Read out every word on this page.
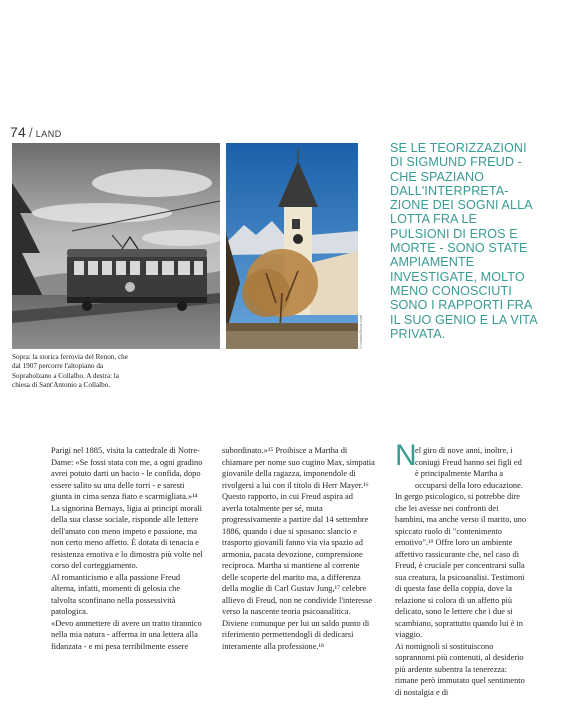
74 / LAND
©AdobeStock.com
Sopra: la storica ferrovia del Renon, che dal 1907 percorre l'altopiano da Soprabolzano a Collalbo. A destra: la chiesa di Sant'Antonio a Collalbo.
SE LE TEORIZZAZIONI DI SIGMUND FREUD - CHE SPAZIANO DALL'INTERPRETA-ZIONE DEI SOGNI ALLA LOTTA FRA LE PULSIONI DI EROS E MORTE - SONO STATE AMPIAMENTE INVESTIGATE, MOLTO MENO CONOSCIUTI SONO I RAPPORTI FRA IL SUO GENIO E LA VITA PRIVATA.

Parigi nel 1885, visita la cattedrale di Notre-Dame: «Se fossi stata con me, a ogni gradino avrei potuto darti un bacio - le confida, dopo essere salito su una delle torri - e saresti giunta in cima senza fiato e scarmigliata.»¹⁴

La signorina Bernays, ligia ai principi morali della sua classe sociale, risponde alle lettere dell'amato con meno impeto e passione, ma non certo meno affetto. È dotata di tenacia e resistenza emotiva e lo dimostra più volte nel corso del corteggiamento.

Al romanticismo e alla passione Freud alterna, infatti, momenti di gelosia che talvolta sconfinano nella possessività patologica.

«Devo ammettere di avere un tratto tirannico nella mia natura - afferma in una lettera alla fidanzata - e mi pesa terribilmente essere

subordinato.»¹⁵ Proibisce a Martha di chiamare per nome suo cugino Max, simpatia giovanile della ragazza, imponendole di rivolgersi a lui con il titolo di Herr Mayer.¹⁶ Questo rapporto, in cui Freud aspira ad averla totalmente per sé, muta progressivamente a partire dal 14 settembre 1886, quando i due si sposano: slancio e trasporto giovanili fanno via via spazio ad armonia, pacata devozione, comprensione reciproca. Martha si mantiene al corrente delle scoperte del marito ma, a differenza della moglie di Carl Gustav Jung,¹⁷ celebre allievo di Freud, non ne condivide l'interesse verso la nascente teoria psicoanalitica. Diviene comunque per lui un saldo punto di riferimento permettendogli di dedicarsi interamente alla professione.¹⁸

N

el giro di nove anni, inoltre, i coniugi Freud hanno sei figli ed è principalmente Martha a occuparsi della loro educazione.

In gergo psicologico, si potrebbe dire che lei avesse nei confronti dei bambini, ma anche verso il marito, uno spiccato ruolo di "contenimento emotivo".¹⁹ Offre loro un ambiente affettivo rassicurante che, nel caso di Freud, è cruciale per concentrarsi sulla sua creatura, la psicoanalisi. Testimoni di questa fase della coppia, dove la relazione si colora di un affetto più delicato, sono le lettere che i due si scambiano, soprattutto quando lui è in viaggio.

Ai nomignoli si sostituiscono soprannomi più contenuti, al desiderio più ardente subentra la tenerezza: rimane però immutato quel sentimento di nostalgia e di
